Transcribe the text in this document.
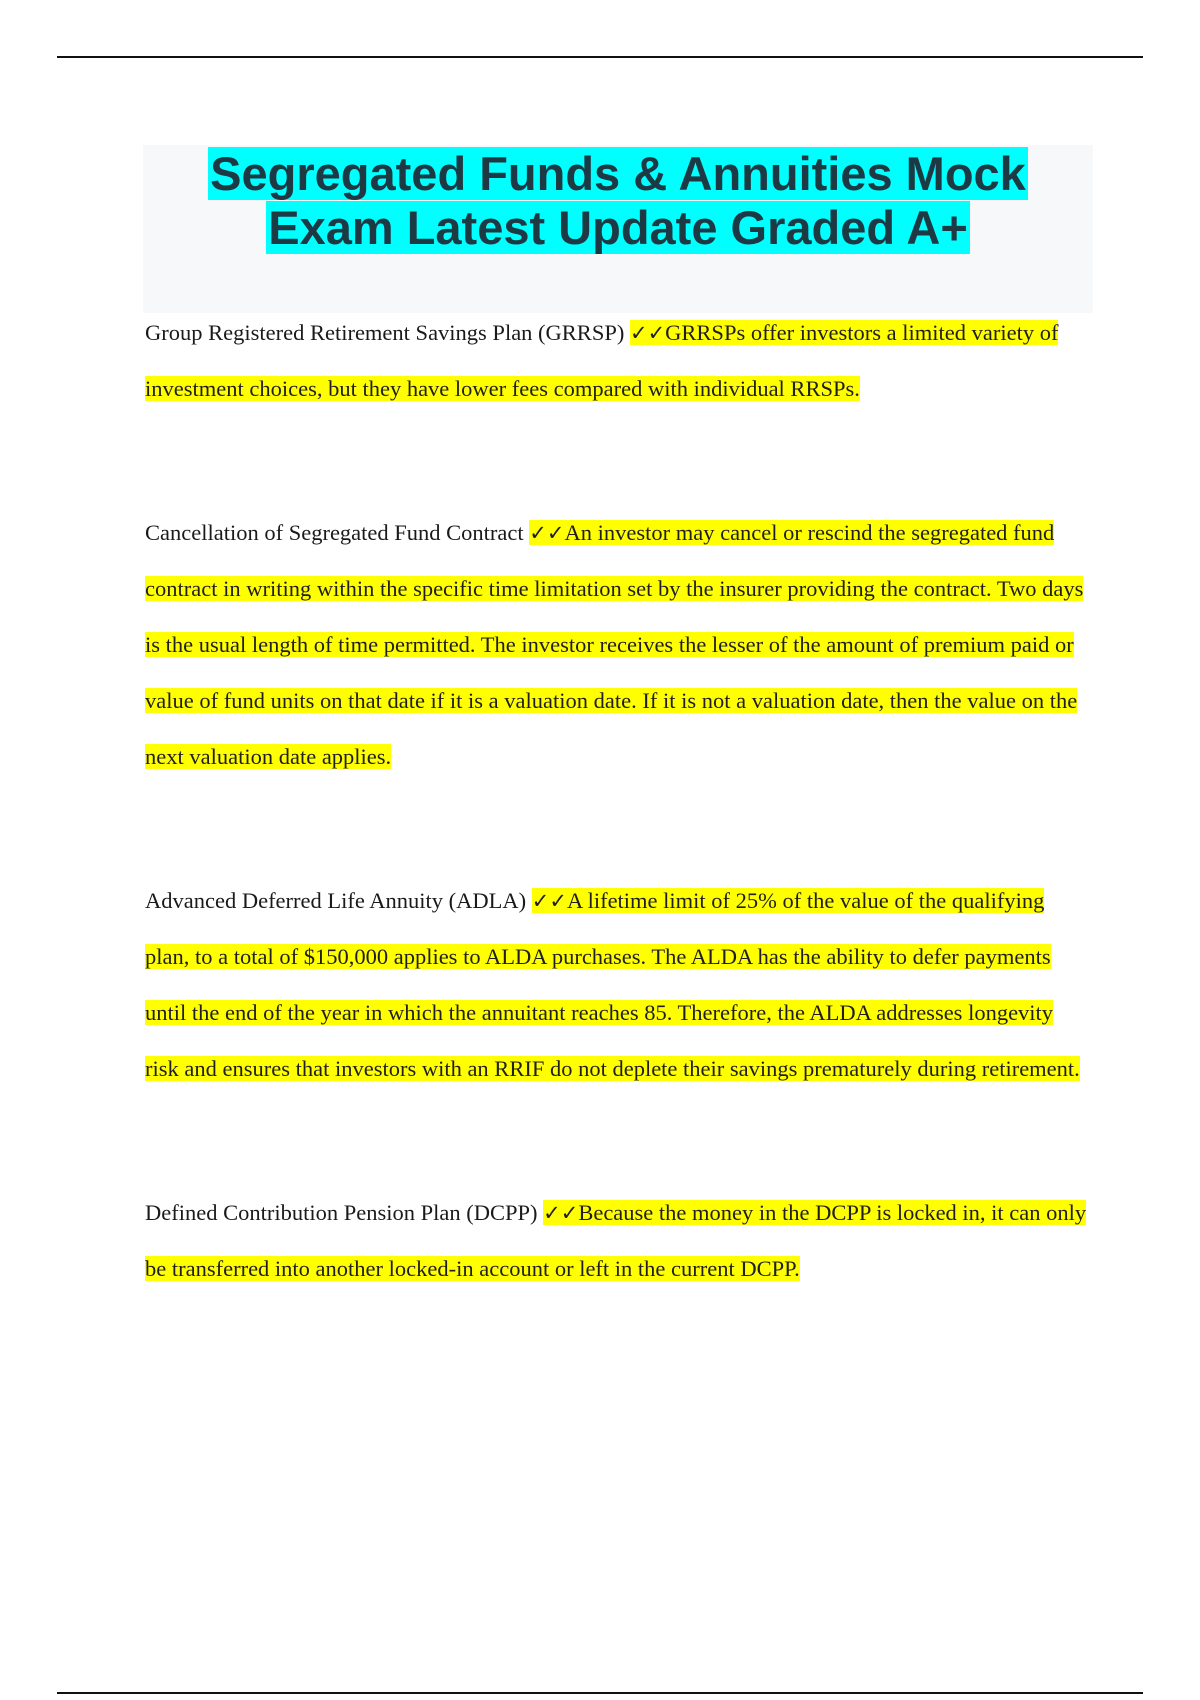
Segregated Funds & Annuities Mock

Exam Latest Update Graded A+

Group Registered Retirement Savings Plan (GRRSP) ✓✓GRRSPs offer investors a limited variety of investment choices, but they have lower fees compared with individual RRSPs.

Cancellation of Segregated Fund Contract ✓✓An investor may cancel or rescind the segregated fund contract in writing within the specific time limitation set by the insurer providing the contract. Two days is the usual length of time permitted. The investor receives the lesser of the amount of premium paid or value of fund units on that date if it is a valuation date. If it is not a valuation date, then the value on the next valuation date applies.

Advanced Deferred Life Annuity (ADLA) ✓✓A lifetime limit of 25% of the value of the qualifying plan, to a total of $150,000 applies to ALDA purchases. The ALDA has the ability to defer payments until the end of the year in which the annuitant reaches 85. Therefore, the ALDA addresses longevity risk and ensures that investors with an RRIF do not deplete their savings prematurely during retirement.

Defined Contribution Pension Plan (DCPP) ✓✓Because the money in the DCPP is locked in, it can only be transferred into another locked-in account or left in the current DCPP.
